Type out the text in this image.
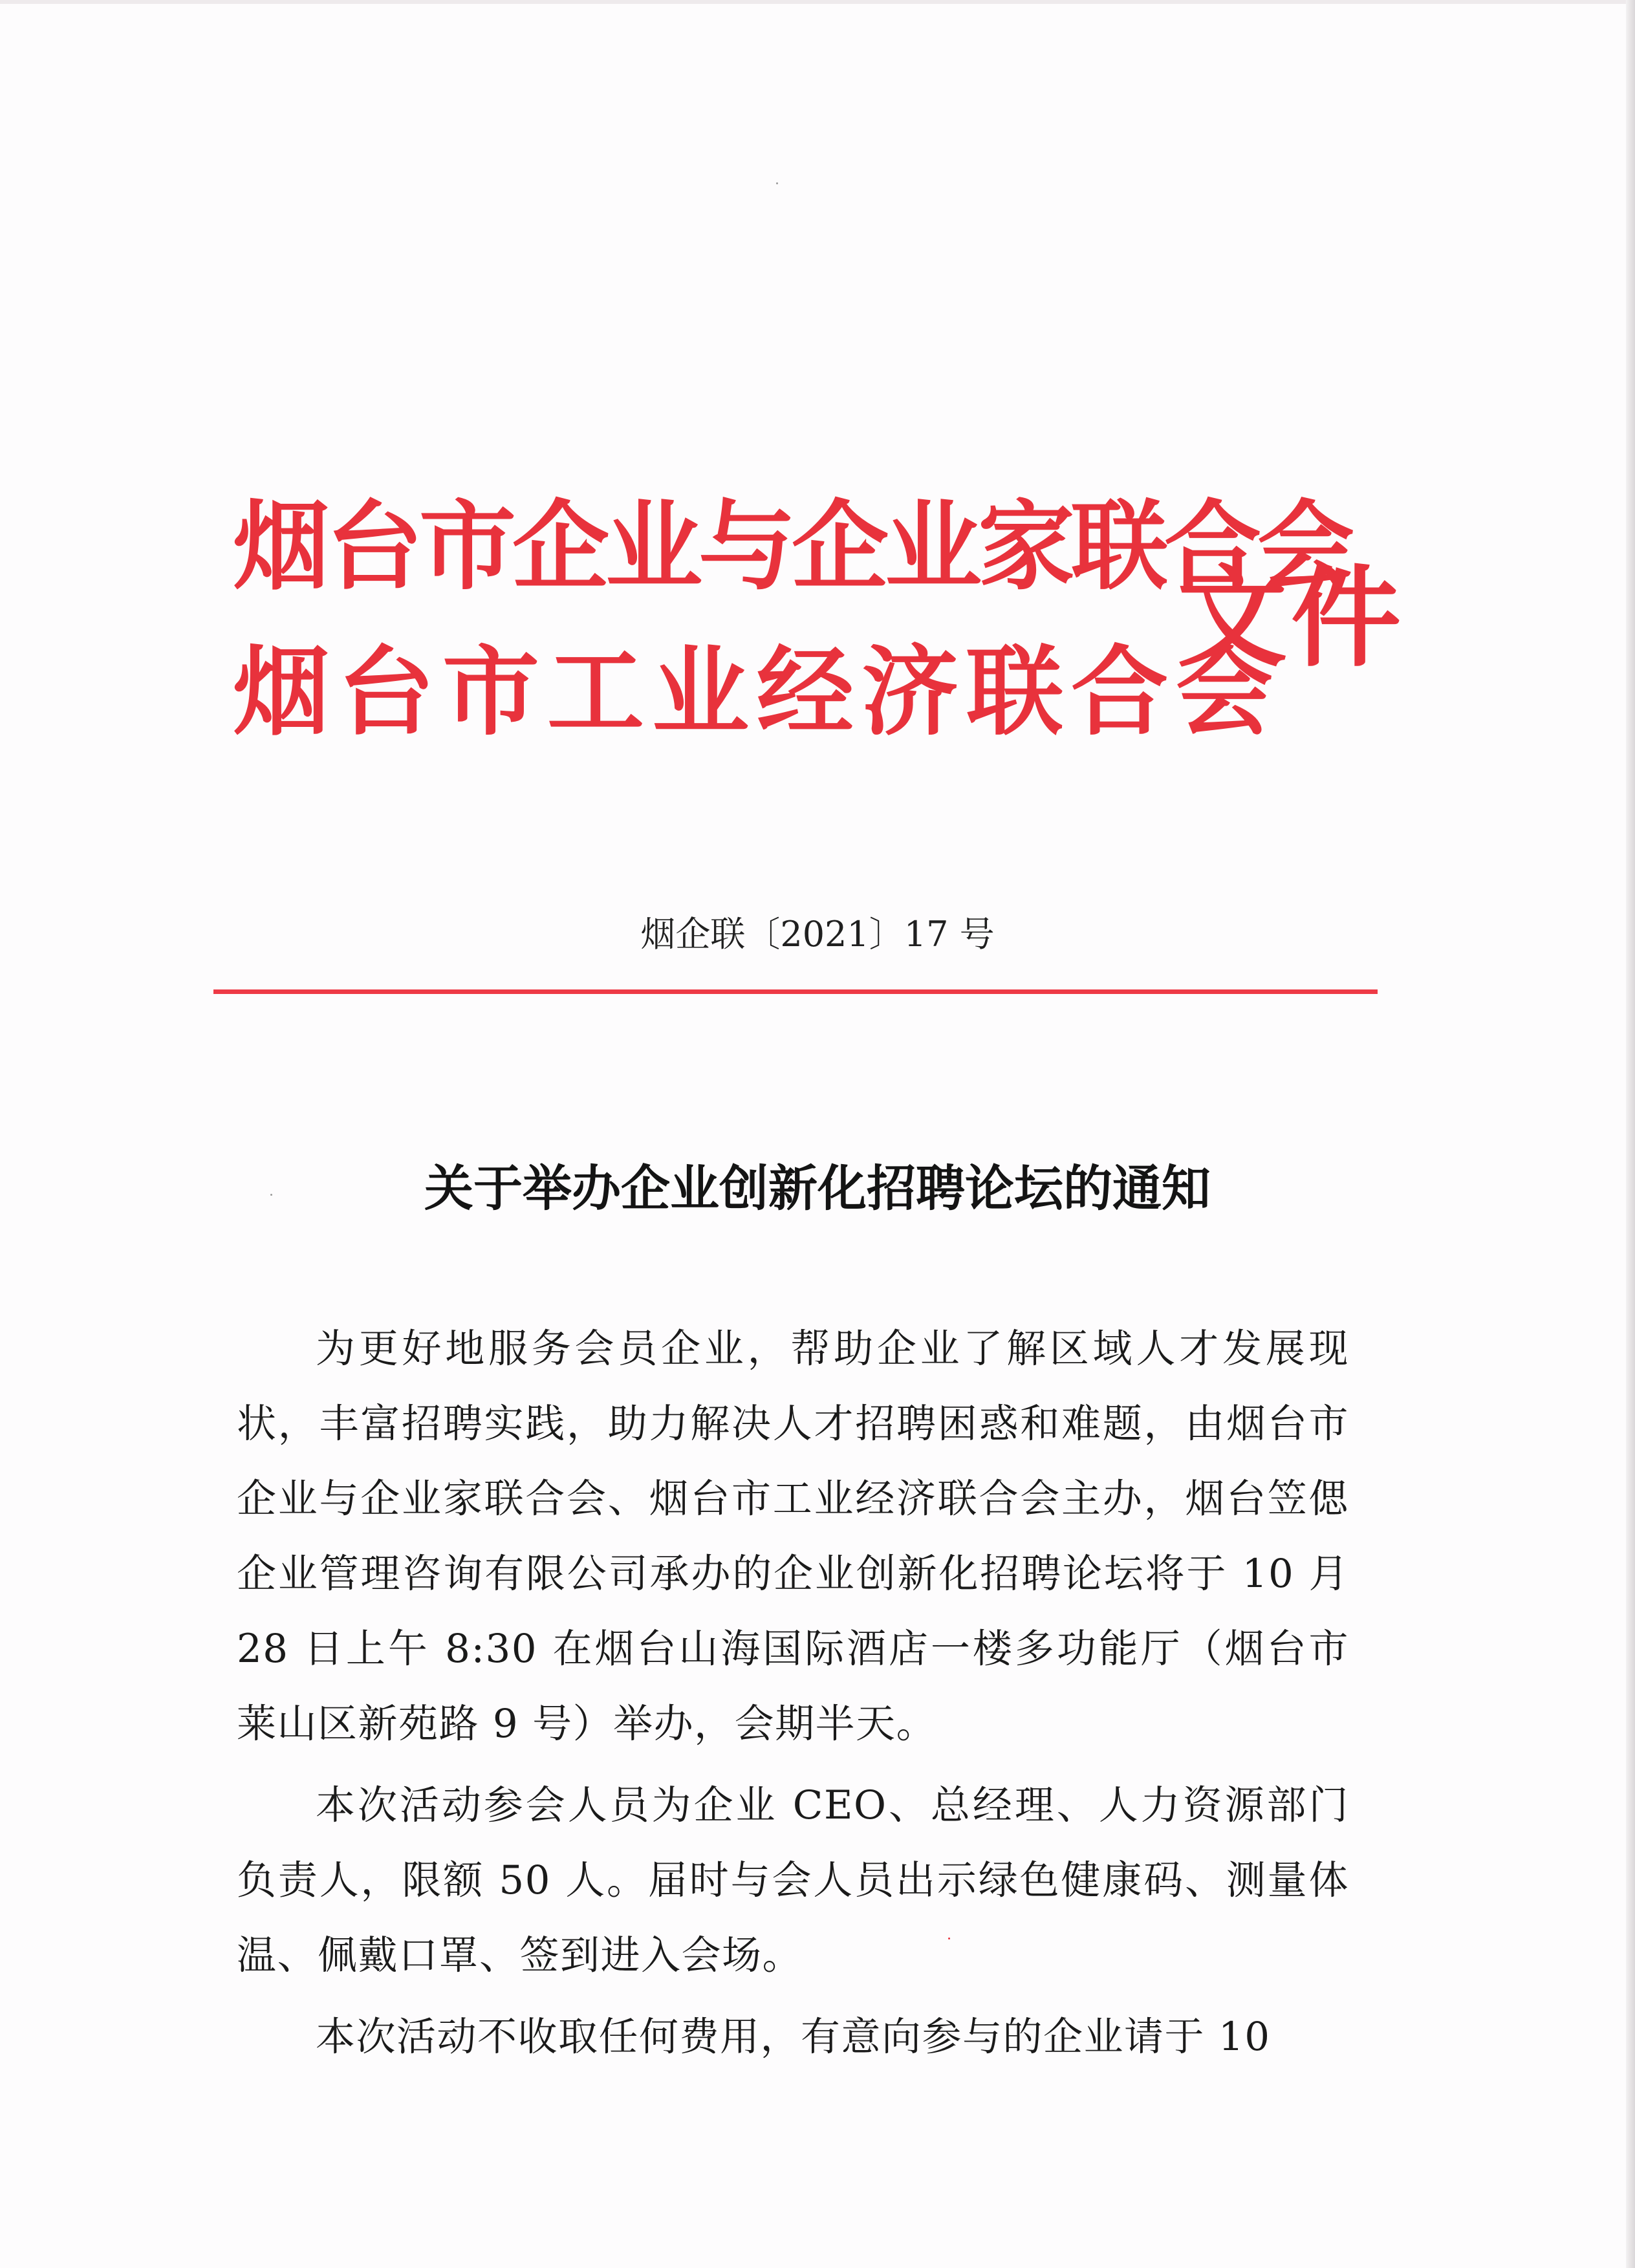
烟台市企业与企业家联合会
烟台市工业经济联合会
文件
烟企联〔2021〕17 号
关于举办企业创新化招聘论坛的通知

为更好地服务会员企业，帮助企业了解区域人才发展现状，丰富招聘实践，助力解决人才招聘困惑和难题，由烟台市企业与企业家联合会、烟台市工业经济联合会主办，烟台笠偲企业管理咨询有限公司承办的企业创新化招聘论坛将于 10 月 28 日上午 8:30 在烟台山海国际酒店一楼多功能厅（烟台市莱山区新苑路 9 号）举办，会期半天。

本次活动参会人员为企业 CEO、总经理、人力资源部门负责人，限额 50 人。届时与会人员出示绿色健康码、测量体温、佩戴口罩、签到进入会场。

本次活动不收取任何费用，有意向参与的企业请于 10
